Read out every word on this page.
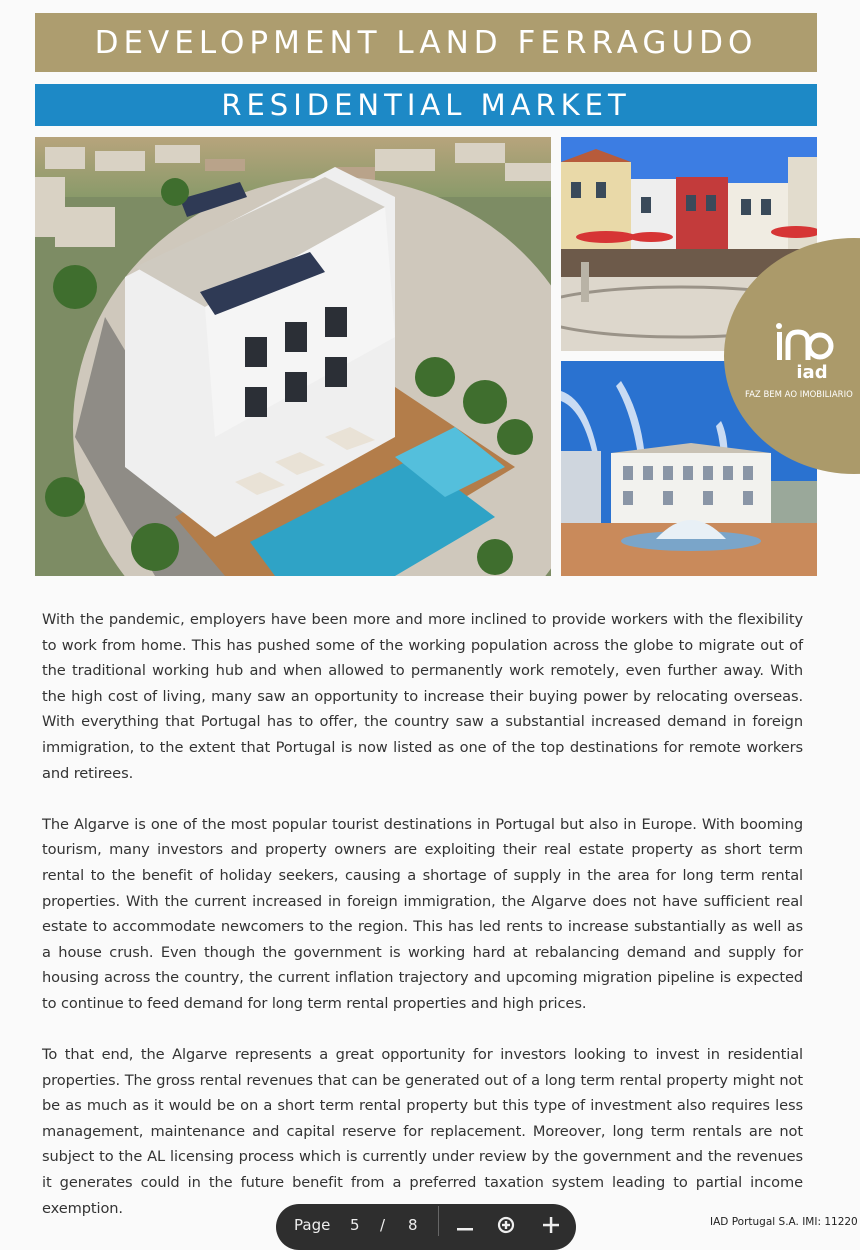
DEVELOPMENT LAND FERRAGUDO
RESIDENTIAL MARKET
iad
FAZ BEM AO IMOBILIÁRIO

With the pandemic, employers have been more and more inclined to provide workers with the flexibility to work from home. This has pushed some of the working population across the globe to migrate out of the traditional working hub and when allowed to permanently work remotely, even further away. With the high cost of living, many saw an opportunity to increase their buying power by relocating overseas. With everything that Portugal has to offer, the country saw a substantial increased demand in foreign immigration, to the extent that Portugal is now listed as one of the top destinations for remote workers and retirees.

The Algarve is one of the most popular tourist destinations in Portugal but also in Europe. With booming tourism, many investors and property owners are exploiting their real estate property as short term rental to the benefit of holiday seekers, causing a shortage of supply in the area for long term rental properties. With the current increased in foreign immigration, the Algarve does not have sufficient real estate to accommodate newcomers to the region. This has led rents to increase substantially as well as a house crush. Even though the government is working hard at rebalancing demand and supply for housing across the country, the current inflation trajectory and upcoming migration pipeline is expected to continue to feed demand for long term rental properties and high prices.

To that end, the Algarve represents a great opportunity for investors looking to invest in residential properties. The gross rental revenues that can be generated out of a long term rental property might not be as much as it would be on a short term rental property but this type of investment also requires less management, maintenance and capital reserve for replacement. Moreover, long term rentals are not subject to the AL licensing process which is currently under review by the government and the revenues it generates could in the future benefit from a preferred taxation system leading to partial income exemption.

Page 5 / 8	IAD Portugal S.A. IMI: 11220
